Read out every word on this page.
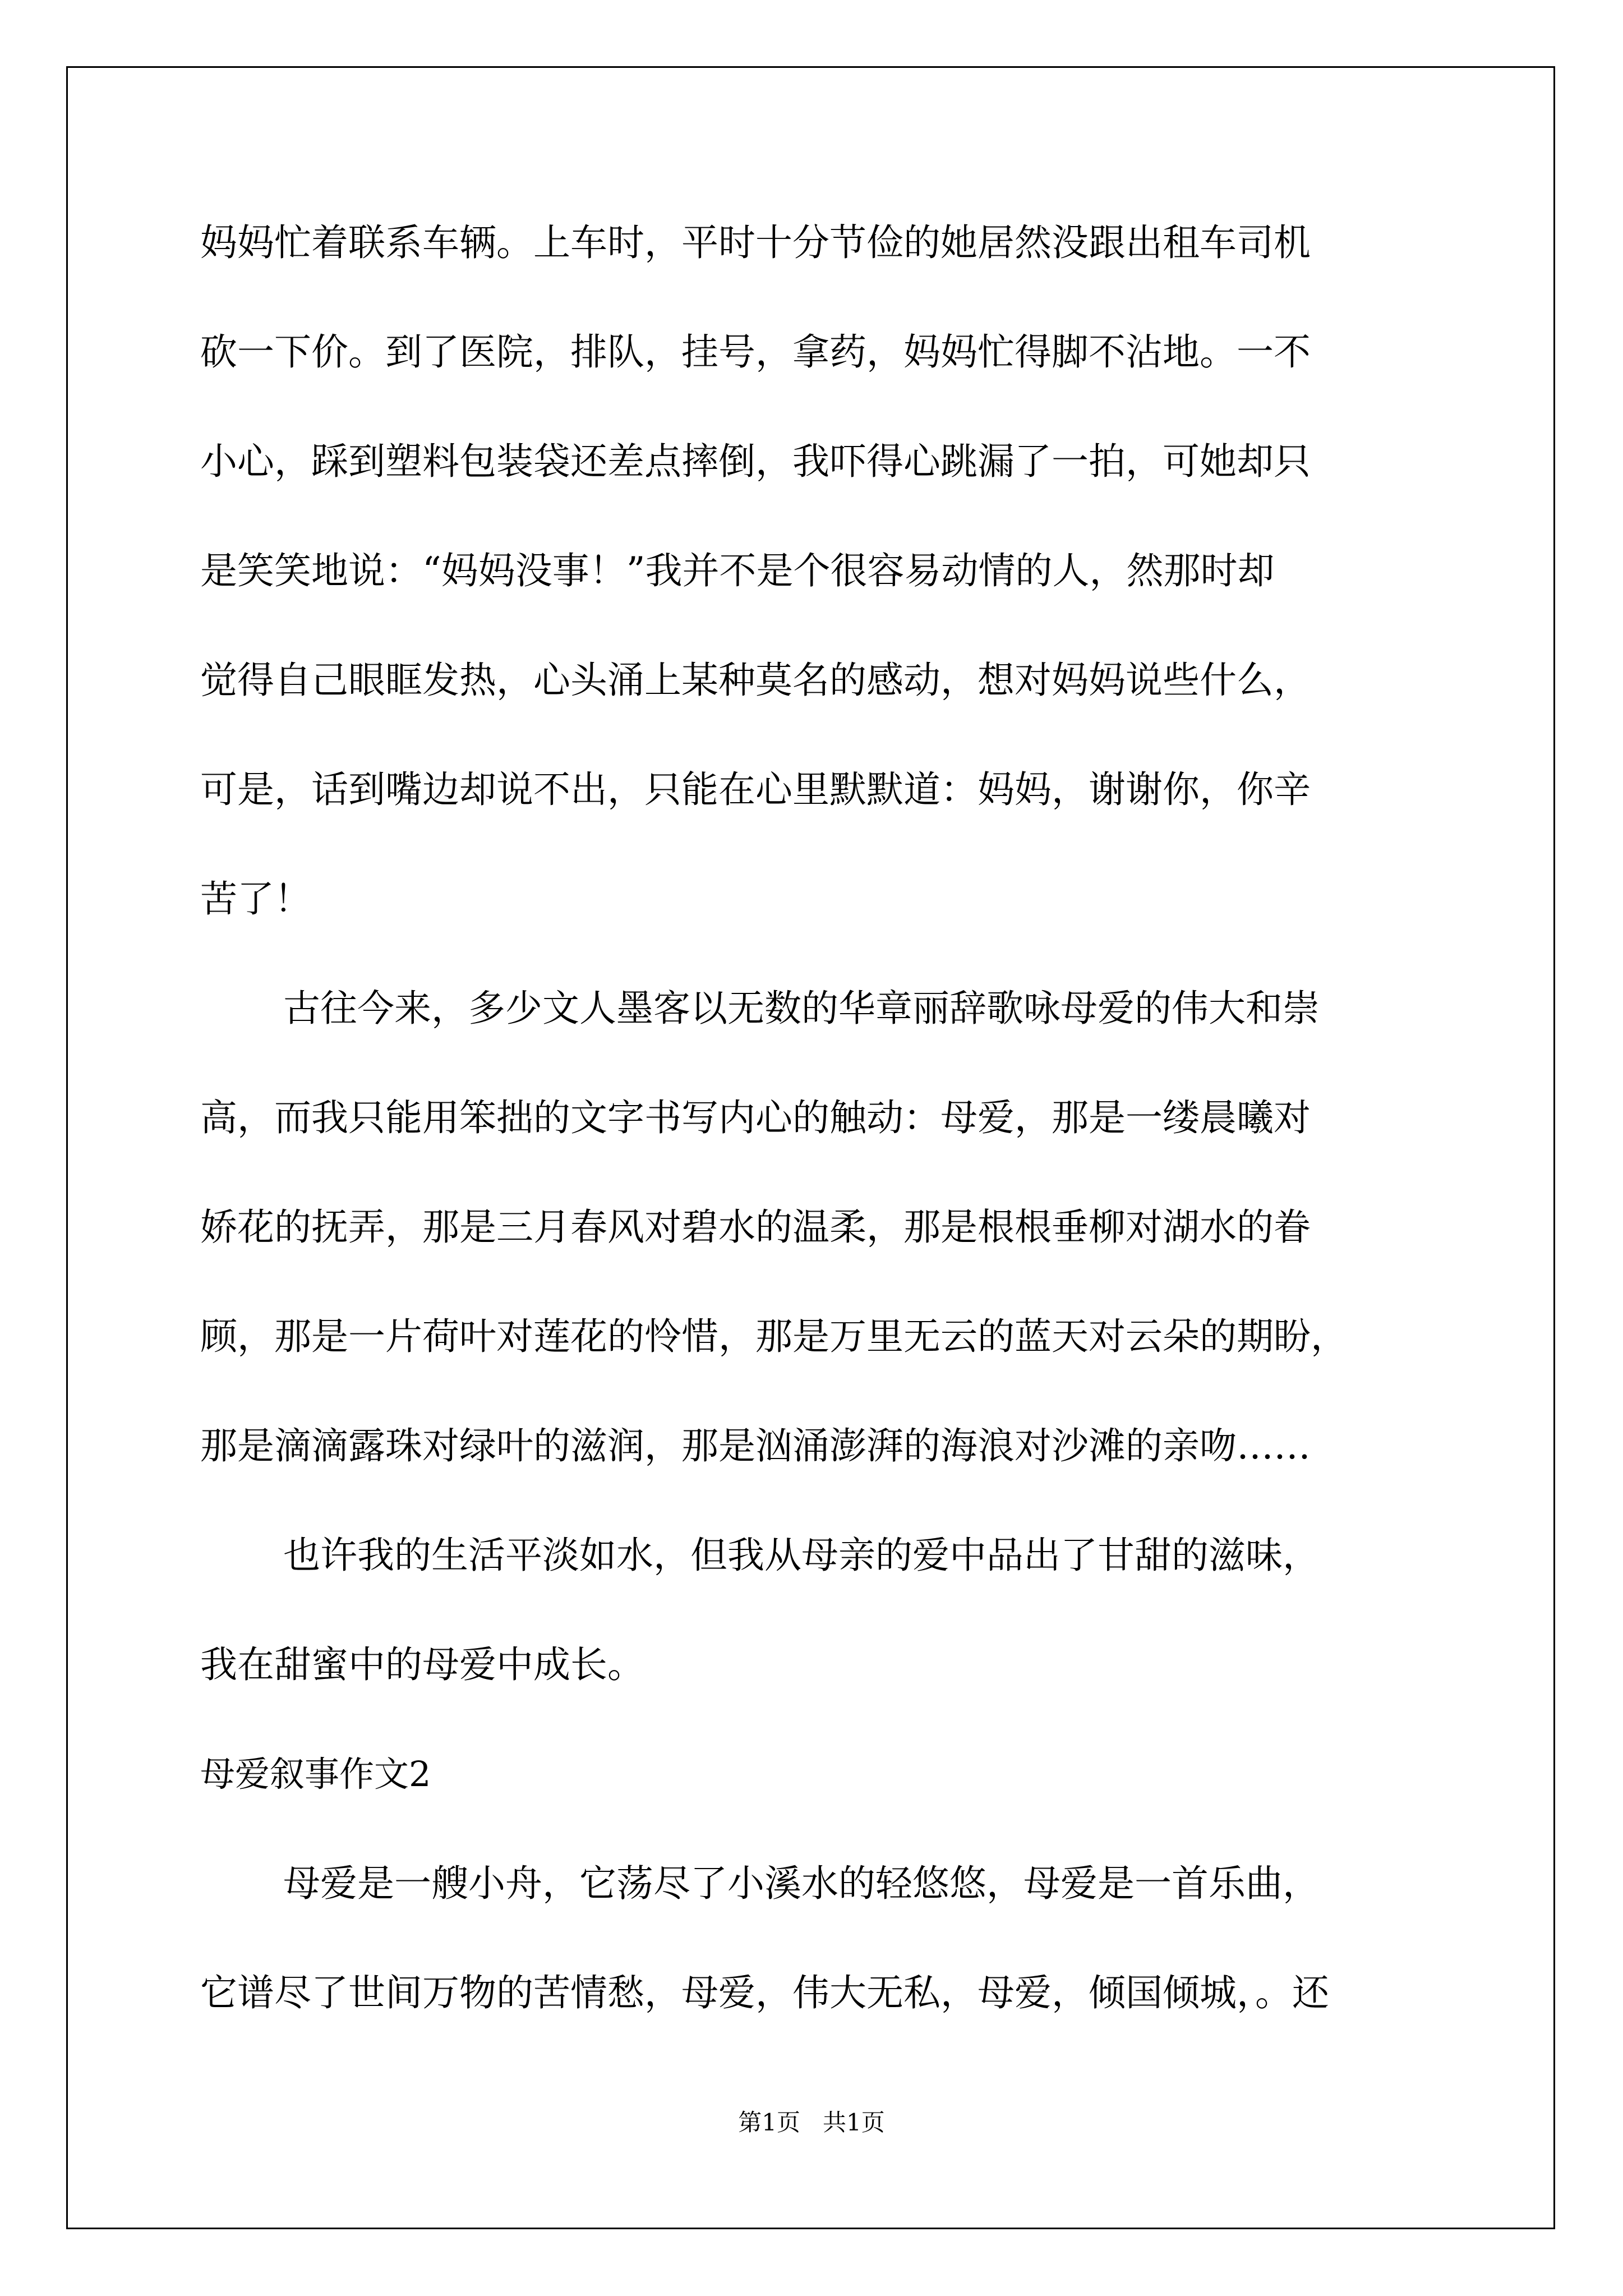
妈妈忙着联系车辆。上车时，平时十分节俭的她居然没跟出租车司机

砍一下价。到了医院，排队，挂号，拿药，妈妈忙得脚不沾地。一不

小心，踩到塑料包装袋还差点摔倒，我吓得心跳漏了一拍，可她却只

是笑笑地说：“妈妈没事！”我并不是个很容易动情的人，然那时却

觉得自己眼眶发热，心头涌上某种莫名的感动，想对妈妈说些什么，

可是，话到嘴边却说不出，只能在心里默默道：妈妈，谢谢你，你辛

苦了！

古往今来，多少文人墨客以无数的华章丽辞歌咏母爱的伟大和崇

高，而我只能用笨拙的文字书写内心的触动：母爱，那是一缕晨曦对

娇花的抚弄，那是三月春风对碧水的温柔，那是根根垂柳对湖水的眷

顾，那是一片荷叶对莲花的怜惜，那是万里无云的蓝天对云朵的期盼，

那是滴滴露珠对绿叶的滋润，那是汹涌澎湃的海浪对沙滩的亲吻……

也许我的生活平淡如水，但我从母亲的爱中品出了甘甜的滋味，

我在甜蜜中的母爱中成长。

母爱叙事作文2

母爱是一艘小舟，它荡尽了小溪水的轻悠悠，母爱是一首乐曲，

它谱尽了世间万物的苦情愁，母爱，伟大无私，母爱，倾国倾城，。还

第1页   共1页
